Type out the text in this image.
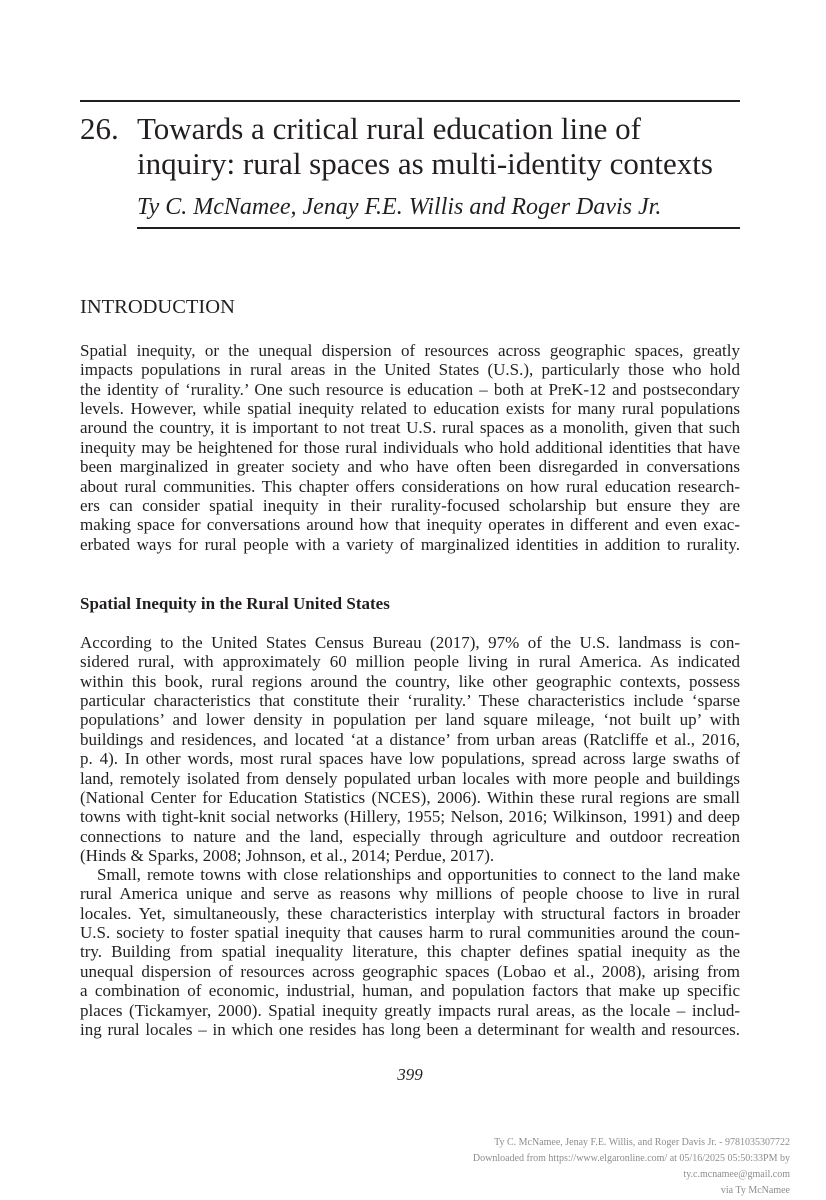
26. Towards a critical rural education line of
inquiry: rural spaces as multi-identity contexts
Ty C. McNamee, Jenay F.E. Willis and Roger Davis Jr.
INTRODUCTION
Spatial inequity, or the unequal dispersion of resources across geographic spaces, greatly
impacts populations in rural areas in the United States (U.S.), particularly those who hold
the identity of ‘rurality.’ One such resource is education – both at PreK-12 and postsecondary
levels. However, while spatial inequity related to education exists for many rural populations
around the country, it is important to not treat U.S. rural spaces as a monolith, given that such
inequity may be heightened for those rural individuals who hold additional identities that have
been marginalized in greater society and who have often been disregarded in conversations
about rural communities. This chapter offers considerations on how rural education research-
ers can consider spatial inequity in their rurality-focused scholarship but ensure they are
making space for conversations around how that inequity operates in different and even exac-
erbated ways for rural people with a variety of marginalized identities in addition to rurality.
Spatial Inequity in the Rural United States
According to the United States Census Bureau (2017), 97% of the U.S. landmass is con-
sidered rural, with approximately 60 million people living in rural America. As indicated
within this book, rural regions around the country, like other geographic contexts, possess
particular characteristics that constitute their ‘rurality.’ These characteristics include ‘sparse
populations’ and lower density in population per land square mileage, ‘not built up’ with
buildings and residences, and located ‘at a distance’ from urban areas (Ratcliffe et al., 2016,
p. 4). In other words, most rural spaces have low populations, spread across large swaths of
land, remotely isolated from densely populated urban locales with more people and buildings
(National Center for Education Statistics (NCES), 2006). Within these rural regions are small
towns with tight-knit social networks (Hillery, 1955; Nelson, 2016; Wilkinson, 1991) and deep
connections to nature and the land, especially through agriculture and outdoor recreation
(Hinds & Sparks, 2008; Johnson, et al., 2014; Perdue, 2017).
Small, remote towns with close relationships and opportunities to connect to the land make
rural America unique and serve as reasons why millions of people choose to live in rural
locales. Yet, simultaneously, these characteristics interplay with structural factors in broader
U.S. society to foster spatial inequity that causes harm to rural communities around the coun-
try. Building from spatial inequality literature, this chapter defines spatial inequity as the
unequal dispersion of resources across geographic spaces (Lobao et al., 2008), arising from
a combination of economic, industrial, human, and population factors that make up specific
places (Tickamyer, 2000). Spatial inequity greatly impacts rural areas, as the locale – includ-
ing rural locales – in which one resides has long been a determinant for wealth and resources.
399
Ty C. McNamee, Jenay F.E. Willis, and Roger Davis Jr. - 9781035307722
Downloaded from https://www.elgaronline.com/ at 05/16/2025 05:50:33PM by
ty.c.mcnamee@gmail.com
via Ty McNamee
